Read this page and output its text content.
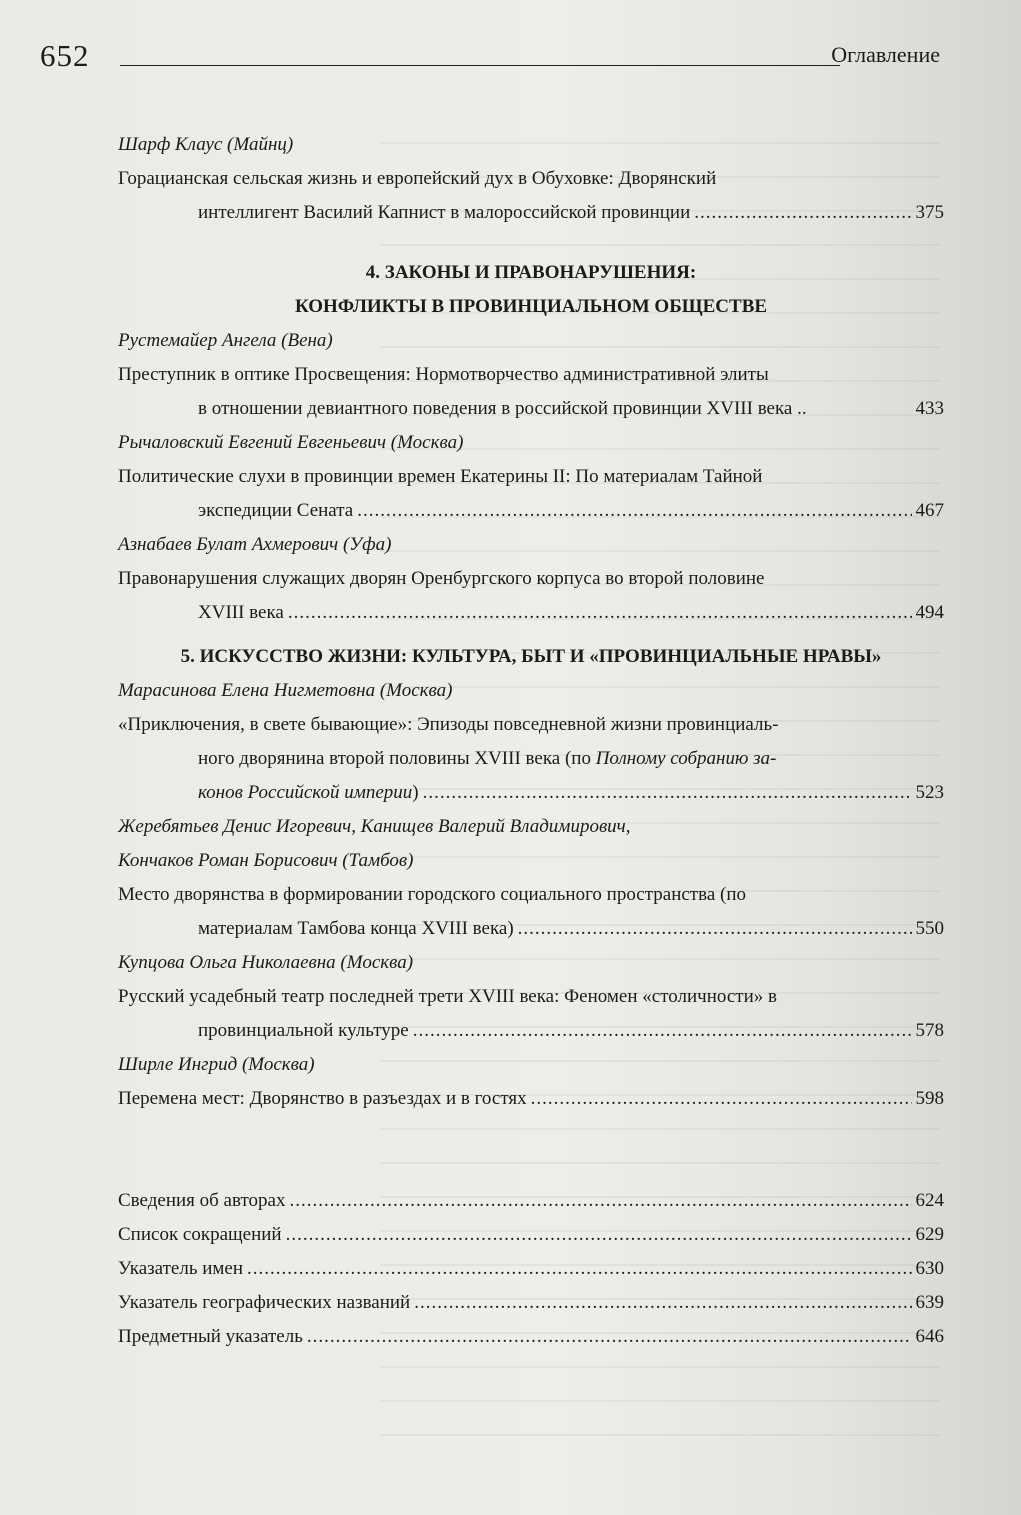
652	Оглавление
Шарф Клаус (Майнц)
Горацианская сельская жизнь и европейский дух в Обуховке: Дворянский
интеллигент Василий Капнист в малороссийской провинции .....	375
4. ЗАКОНЫ И ПРАВОНАРУШЕНИЯ:
КОНФЛИКТЫ В ПРОВИНЦИАЛЬНОМ ОБЩЕСТВЕ
Рустемайер Ангела (Вена)
Преступник в оптике Просвещения: Нормотворчество административной элиты
в отношении девиантного поведения в российской провинции XVIII века ..	433
Рычаловский Евгений Евгеньевич (Москва)
Политические слухи в провинции времен Екатерины II: По материалам Тайной
экспедиции Сената .....	467
Азнабаев Булат Ахмерович (Уфа)
Правонарушения служащих дворян Оренбургского корпуса во второй половине
XVIII века .....	494
5. ИСКУССТВО ЖИЗНИ: КУЛЬТУРА, БЫТ И «ПРОВИНЦИАЛЬНЫЕ НРАВЫ»
Марасинова Елена Нигметовна (Москва)
«Приключения, в свете бывающие»: Эпизоды повседневной жизни провинциаль-
ного дворянина второй половины XVIII века (по Полному собранию за-
конов Российской империи) .....	523
Жеребятьев Денис Игоревич, Канищев Валерий Владимирович,
Кончаков Роман Борисович (Тамбов)
Место дворянства в формировании городского социального пространства (по
материалам Тамбова конца XVIII века) .....	550
Купцова Ольга Николаевна (Москва)
Русский усадебный театр последней трети XVIII века: Феномен «столичности» в
провинциальной культуре .....	578
Ширле Ингрид (Москва)
Перемена мест: Дворянство в разъездах и в гостях .....	598
Сведения об авторах .....	624
Список сокращений .....	629
Указатель имен .....	630
Указатель географических названий .....	639
Предметный указатель .....	646
